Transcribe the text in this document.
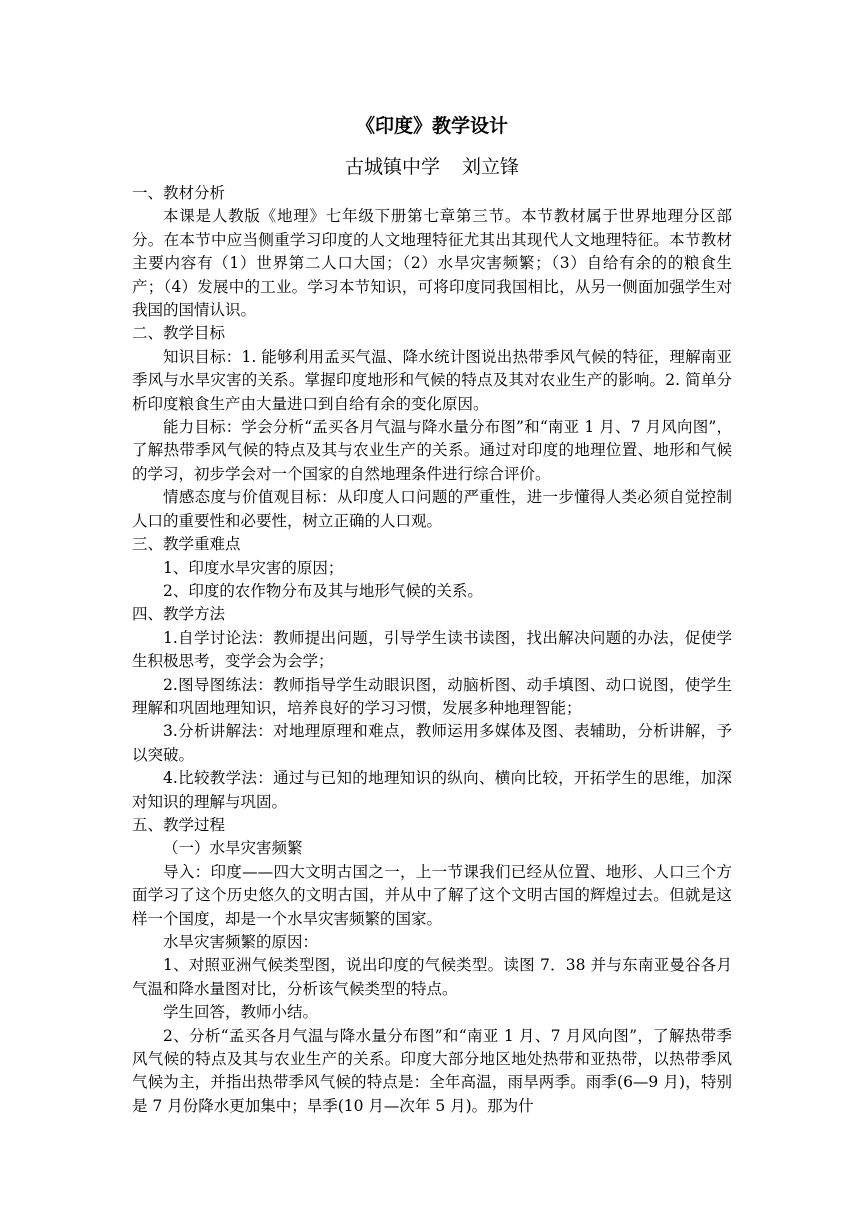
《印度》教学设计

古城镇中学 刘立锋

一、教材分析

本课是人教版《地理》七年级下册第七章第三节。本节教材属于世界地理分区部分。在本节中应当侧重学习印度的人文地理特征尤其出其现代人文地理特征。本节教材主要内容有（1）世界第二人口大国；（2）水旱灾害频繁；（3）自给有余的的粮食生产；（4）发展中的工业。学习本节知识，可将印度同我国相比，从另一侧面加强学生对我国的国情认识。

二、教学目标

知识目标：1. 能够利用孟买气温、降水统计图说出热带季风气候的特征，理解南亚季风与水旱灾害的关系。掌握印度地形和气候的特点及其对农业生产的影响。2. 简单分析印度粮食生产由大量进口到自给有余的变化原因。

能力目标：学会分析“孟买各月气温与降水量分布图”和“南亚 1 月、7 月风向图”，了解热带季风气候的特点及其与农业生产的关系。通过对印度的地理位置、地形和气候的学习，初步学会对一个国家的自然地理条件进行综合评价。

情感态度与价值观目标：从印度人口问题的严重性，进一步懂得人类必须自觉控制人口的重要性和必要性，树立正确的人口观。

三、教学重难点

1、印度水旱灾害的原因；

2、印度的农作物分布及其与地形气候的关系。

四、教学方法

1.自学讨论法：教师提出问题，引导学生读书读图，找出解决问题的办法，促使学生积极思考，变学会为会学；

2.图导图练法：教师指导学生动眼识图，动脑析图、动手填图、动口说图，使学生理解和巩固地理知识，培养良好的学习习惯，发展多种地理智能；

3.分析讲解法：对地理原理和难点，教师运用多媒体及图、表辅助，分析讲解，予以突破。

4.比较教学法：通过与已知的地理知识的纵向、横向比较，开拓学生的思维，加深对知识的理解与巩固。

五、教学过程

（一）水旱灾害频繁

导入：印度——四大文明古国之一，上一节课我们已经从位置、地形、人口三个方面学习了这个历史悠久的文明古国，并从中了解了这个文明古国的辉煌过去。但就是这样一个国度，却是一个水旱灾害频繁的国家。

水旱灾害频繁的原因：

1、对照亚洲气候类型图，说出印度的气候类型。读图 7．38 并与东南亚曼谷各月气温和降水量图对比，分析该气候类型的特点。

学生回答，教师小结。

2、分析“孟买各月气温与降水量分布图”和“南亚 1 月、7 月风向图”，了解热带季风气候的特点及其与农业生产的关系。印度大部分地区地处热带和亚热带，以热带季风气候为主，并指出热带季风气候的特点是：全年高温，雨旱两季。雨季(6—9 月)，特别是 7 月份降水更加集中；旱季(10 月—次年 5 月)。那为什
